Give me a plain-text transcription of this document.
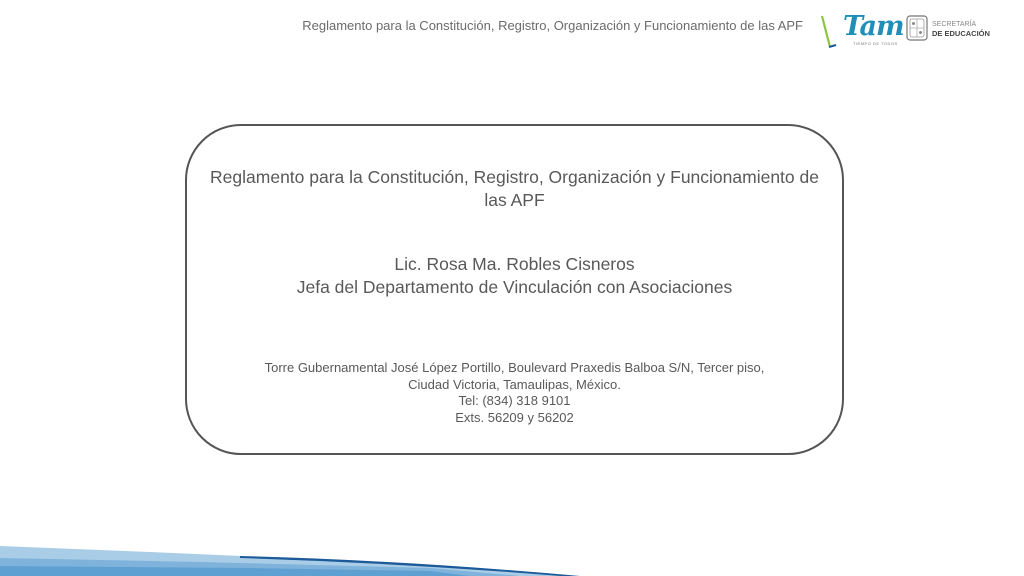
Reglamento para la Constitución, Registro, Organización y Funcionamiento de las APF Tam
TIEMPO DE TODOS
SECRETARÍA
DE EDUCACIÓN
Reglamento para la Constitución, Registro, Organización y Funcionamiento de las APF
Lic. Rosa Ma. Robles Cisneros
Jefa del Departamento de Vinculación con Asociaciones
Torre Gubernamental José López Portillo, Boulevard Praxedis Balboa S/N, Tercer piso,
Ciudad Victoria, Tamaulipas, México.
Tel: (834) 318 9101
Exts. 56209 y 56202
